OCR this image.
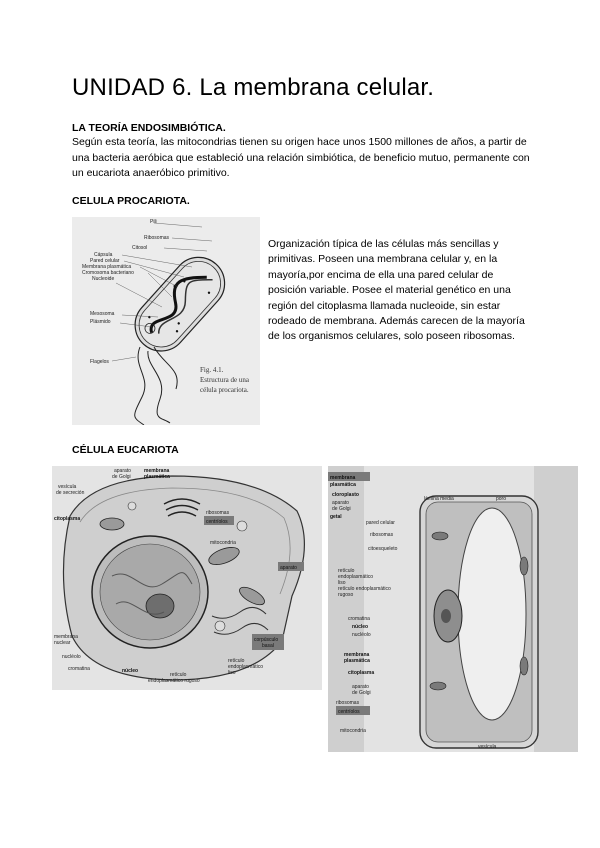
UNIDAD 6. La membrana celular.
LA TEORÍA ENDOSIMBIÓTICA.

Según esta teoría, las mitocondrias tienen su origen hace unos 1500 millones de años, a partir de una bacteria aeróbica que estableció una relación simbiótica, de beneficio mutuo, permanente con un eucariota anaeróbico primitivo.

CELULA PROCARIOTA.
Pili
Ribosomas
Citosol
Cápsula
Pared celular
Membrana plasmática
Cromosoma bacteriano
Nucleoide
Mesosoma
Plásmido
Flagelos
Fig. 4.1.
Estructura de una
célula procariota.

Organización típica de las células más sencillas y primitivas. Poseen una membrana celular y, en la mayoría,por encima de ella una pared celular de posición variable. Posee el material genético en una región del citoplasma llamada nucleoide, sin estar rodeado de membrana. Además carecen de la mayoría de los organismos celulares, solo poseen ribosomas.

CÉLULA EUCARIOTA
aparato
de Golgi
membrana
plasmática
vesícula
de secreción
citoplasma
ribosomas
centríolos
mitocondria
aparato
membrana
nuclear
nucléolo
cromatina	núcleo
retículo
endoplasmático rugoso
retículo
endoplasmático
liso
corpúsculo
basal
membrana
plasmática
cloroplasto
aparato
de Golgi
lámina media	poro
getal
pared celular
ribosomas
citoesqueleto
retículo
endoplasmático
liso
retículo endoplasmático
rugoso
cromatina
núcleo
nucléolo
membrana
plasmática
citoplasma
aparato
de Golgi
ribosomas
centríolos
mitocondria
vesícula
